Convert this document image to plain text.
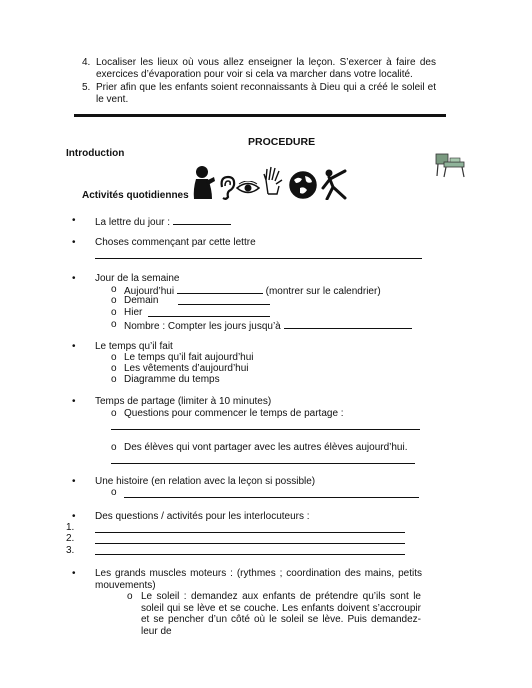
4. Localiser les lieux où vous allez enseigner la leçon. S’exercer à faire des exercices d’évaporation pour voir si cela va marcher dans votre localité.
5. Prier afin que les enfants soient reconnaissants à Dieu qui a créé le soleil et le vent.
PROCEDURE
Introduction
Activités quotidiennes
• La lettre du jour :
• Choses commençant par cette lettre
• Jour de la semaine
o Aujourd’hui	(montrer sur le calendrier)
o Demain
o Hier
o Nombre : Compter les jours jusqu’à
• Le temps qu’il fait
o Le temps qu’il fait aujourd’hui
o Les vêtements d’aujourd’hui
o Diagramme du temps
• Temps de partage (limiter à 10 minutes)
o Questions pour commencer le temps de partage :
o Des élèves qui vont partager avec les autres élèves aujourd’hui.
• Une histoire (en relation avec la leçon si possible)
o
• Des questions / activités pour les interlocuteurs :
1.
2.
3.
• Les grands muscles moteurs : (rythmes ; coordination des mains, petits mouvements)
o Le soleil : demandez aux enfants de prétendre qu’ils sont le soleil qui se lève et se couche. Les enfants doivent s’accroupir et se pencher d’un côté où le soleil se lève. Puis demandez-leur de
